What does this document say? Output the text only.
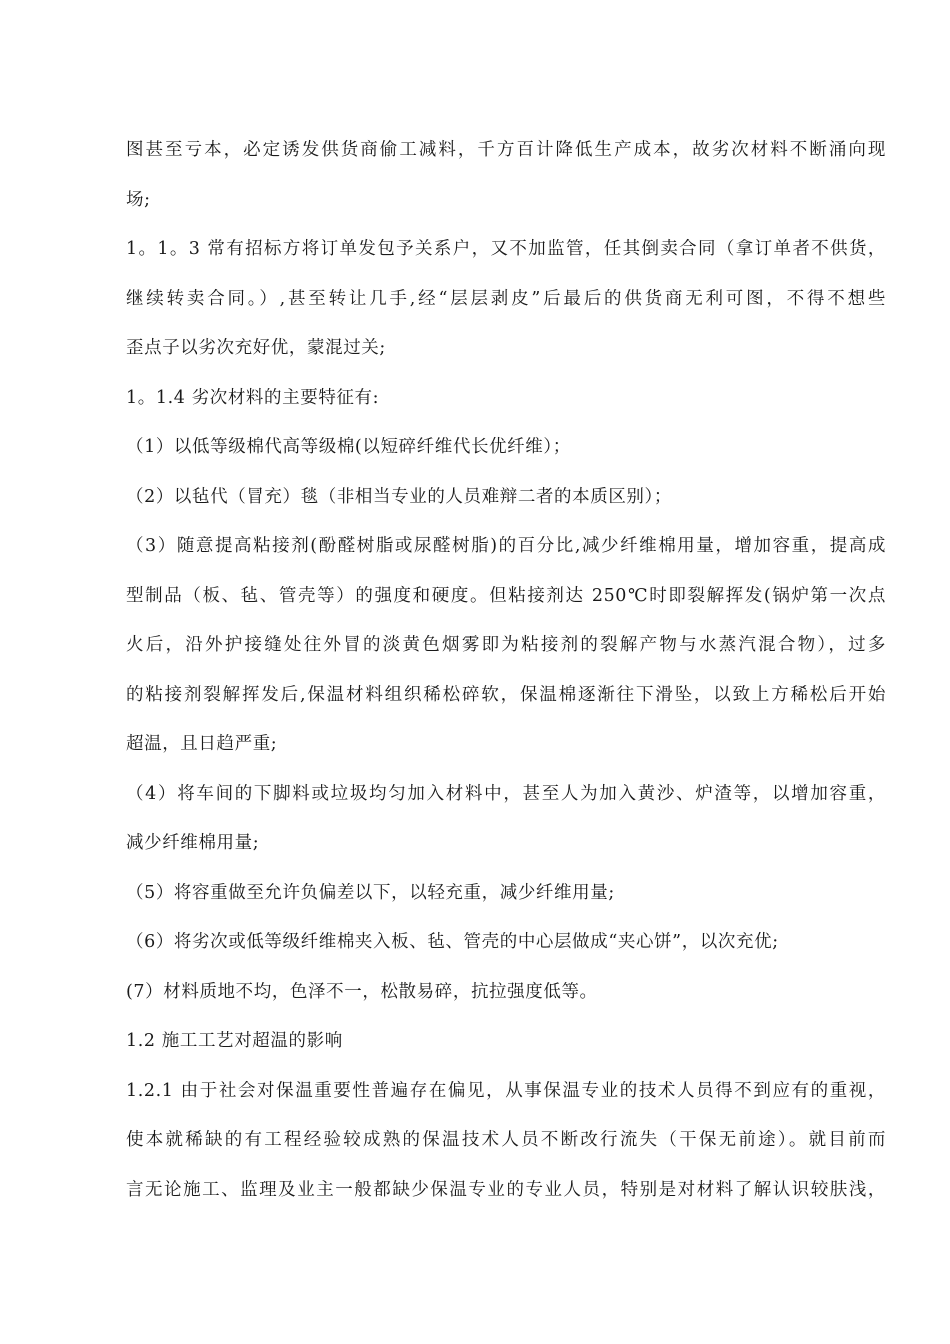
图甚至亏本，必定诱发供货商偷工减料，千方百计降低生产成本，故劣次材料不断涌向现
场;
1。1。3 常有招标方将订单发包予关系户，又不加监管，任其倒卖合同（拿订单者不供货，
继续转卖合同。）,甚至转让几手,经“层层剥皮”后最后的供货商无利可图，不得不想些
歪点子以劣次充好优，蒙混过关;
1。1.4 劣次材料的主要特征有:
（1）以低等级棉代高等级棉(以短碎纤维代长优纤维）；
（2）以毡代（冒充）毯（非相当专业的人员难辩二者的本质区别）；
（3）随意提高粘接剂(酚醛树脂或尿醛树脂)的百分比,减少纤维棉用量，增加容重，提高成
型制品（板、毡、管壳等）的强度和硬度。但粘接剂达 250℃时即裂解挥发(锅炉第一次点
火后，沿外护接缝处往外冒的淡黄色烟雾即为粘接剂的裂解产物与水蒸汽混合物），过多
的粘接剂裂解挥发后,保温材料组织稀松碎软，保温棉逐渐往下滑坠，以致上方稀松后开始
超温，且日趋严重;
（4）将车间的下脚料或垃圾均匀加入材料中，甚至人为加入黄沙、炉渣等，以增加容重，
减少纤维棉用量;
（5）将容重做至允许负偏差以下，以轻充重，减少纤维用量;
（6）将劣次或低等级纤维棉夹入板、毡、管壳的中心层做成“夹心饼”，以次充优;
(7）材料质地不均，色泽不一，松散易碎，抗拉强度低等。
1.2 施工工艺对超温的影响
1.2.1 由于社会对保温重要性普遍存在偏见，从事保温专业的技术人员得不到应有的重视，
使本就稀缺的有工程经验较成熟的保温技术人员不断改行流失（干保无前途）。就目前而
言无论施工、监理及业主一般都缺少保温专业的专业人员，特别是对材料了解认识较肤浅，
